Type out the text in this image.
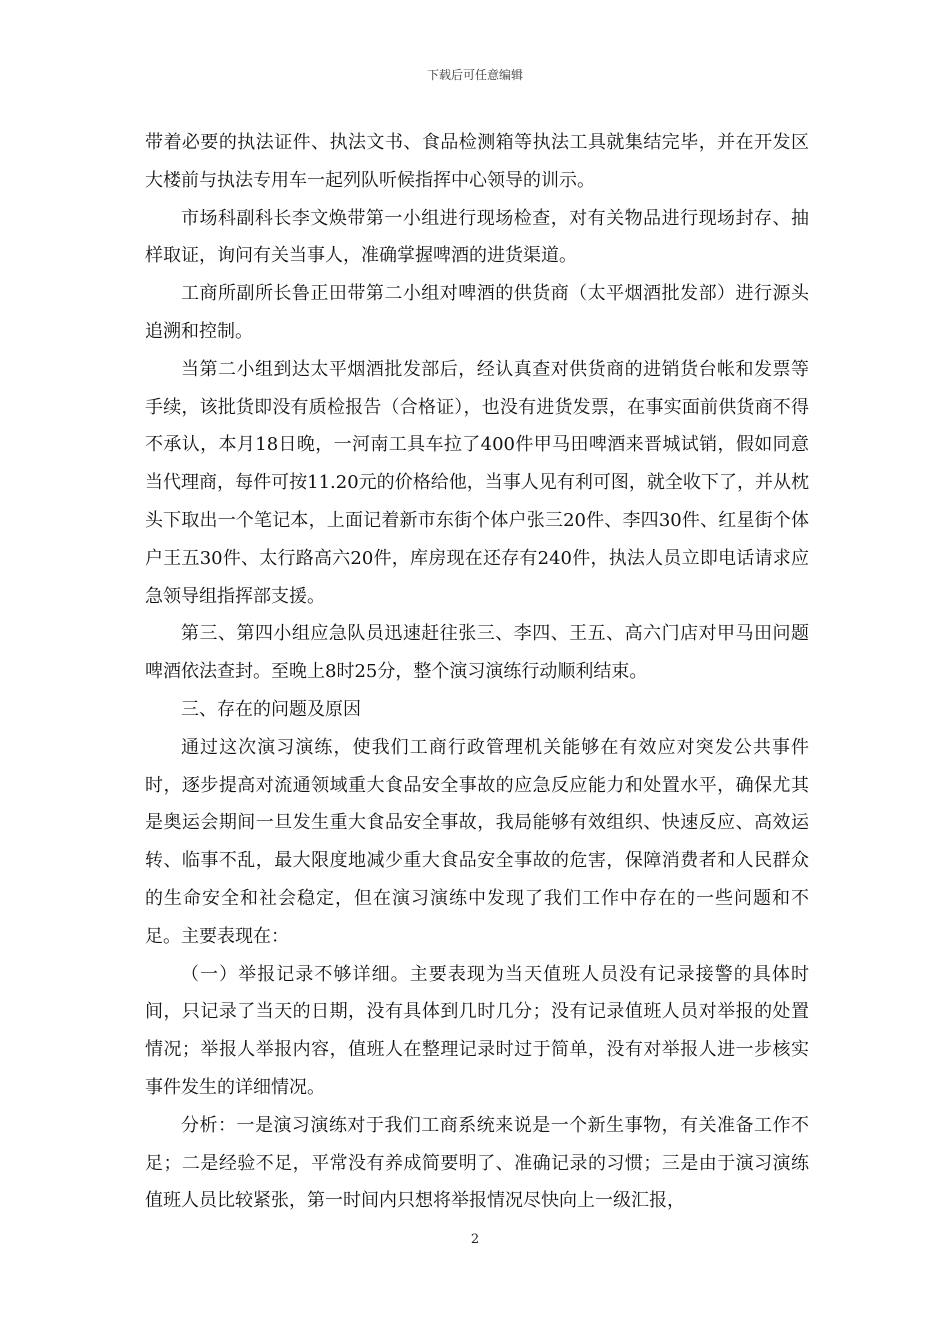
下载后可任意编辑

带着必要的执法证件、执法文书、食品检测箱等执法工具就集结完毕，并在开发区大楼前与执法专用车一起列队听候指挥中心领导的训示。

市场科副科长李文焕带第一小组进行现场检查，对有关物品进行现场封存、抽样取证，询问有关当事人，准确掌握啤酒的进货渠道。

工商所副所长鲁正田带第二小组对啤酒的供货商（太平烟酒批发部）进行源头追溯和控制。

当第二小组到达太平烟酒批发部后，经认真查对供货商的进销货台帐和发票等手续，该批货即没有质检报告（合格证），也没有进货发票，在事实面前供货商不得不承认，本月18日晚，一河南工具车拉了400件甲马田啤酒来晋城试销，假如同意当代理商，每件可按11.20元的价格给他，当事人见有利可图，就全收下了，并从枕头下取出一个笔记本，上面记着新市东街个体户张三20件、李四30件、红星街个体户王五30件、太行路高六20件，库房现在还存有240件，执法人员立即电话请求应急领导组指挥部支援。

第三、第四小组应急队员迅速赶往张三、李四、王五、高六门店对甲马田问题啤酒依法查封。至晚上8时25分，整个演习演练行动顺利结束。

三、存在的问题及原因

通过这次演习演练，使我们工商行政管理机关能够在有效应对突发公共事件时，逐步提高对流通领域重大食品安全事故的应急反应能力和处置水平，确保尤其是奥运会期间一旦发生重大食品安全事故，我局能够有效组织、快速反应、高效运转、临事不乱，最大限度地减少重大食品安全事故的危害，保障消费者和人民群众的生命安全和社会稳定，但在演习演练中发现了我们工作中存在的一些问题和不足。主要表现在：

（一）举报记录不够详细。主要表现为当天值班人员没有记录接警的具体时间，只记录了当天的日期，没有具体到几时几分；没有记录值班人员对举报的处置情况；举报人举报内容，值班人在整理记录时过于简单，没有对举报人进一步核实事件发生的详细情况。

分析：一是演习演练对于我们工商系统来说是一个新生事物，有关准备工作不足；二是经验不足，平常没有养成简要明了、准确记录的习惯；三是由于演习演练值班人员比较紧张，第一时间内只想将举报情况尽快向上一级汇报，

2
